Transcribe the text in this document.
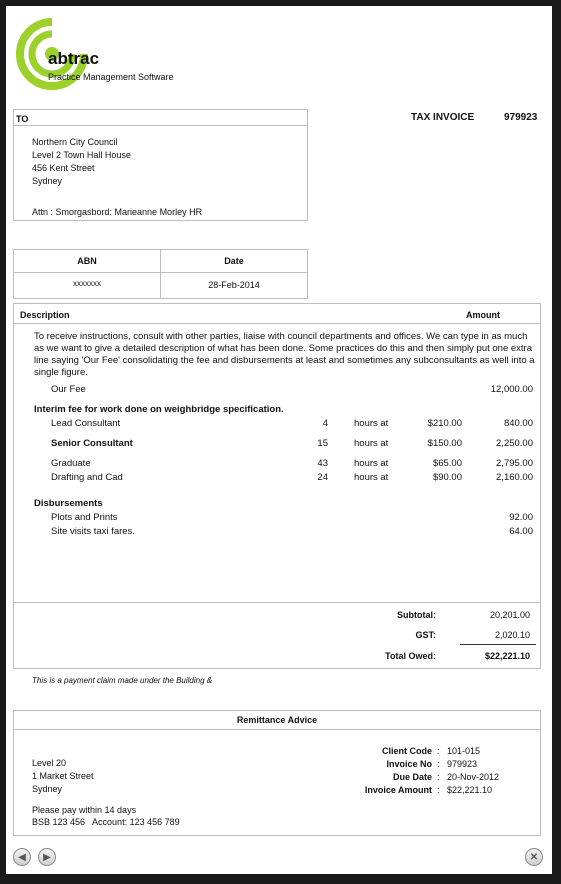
abtrac
Practice Management Software
TAX INVOICE	979923
TO
Northern City Council
Level 2 Town Hall House
456 Kent Street
Sydney
Attn : Smorgasbord: Marieanne Morley HR
ABN	Date
xxxxxxx	28-Feb-2014
Description	Amount
To receive instructions, consult with other parties, liaise with council departments and offices. We can type in as much as we want to give a detailed description of what has been done. Some practices do this and then simply put one extra line saying 'Our Fee' consolidating the fee and disbursements at least and sometimes any subconsultants as well into a single figure.
Our Fee	12,000.00
Interim fee for work done on weighbridge specification.
Lead Consultant	4	hours at	$210.00	840.00
Senior Consultant	15	hours at	$150.00	2,250.00
Graduate	43	hours at	$65.00	2,795.00
Drafting and Cad	24	hours at	$90.00	2,160.00
Disbursements
Plots and Prints	92.00
Site visits taxi fares.	64.00
Subtotal:	20,201.00
GST:	2,020.10
Total Owed:	$22,221.10
This is a payment claim made under the Building &
Remittance Advice
Level 20
1 Market Street
Sydney
Client Code : 101-015
Invoice No : 979923
Due Date : 20-Nov-2012
Invoice Amount : $22,221.10
Please pay within 14 days
BSB 123 456   Account: 123 456 789
◀ ▶	✕
